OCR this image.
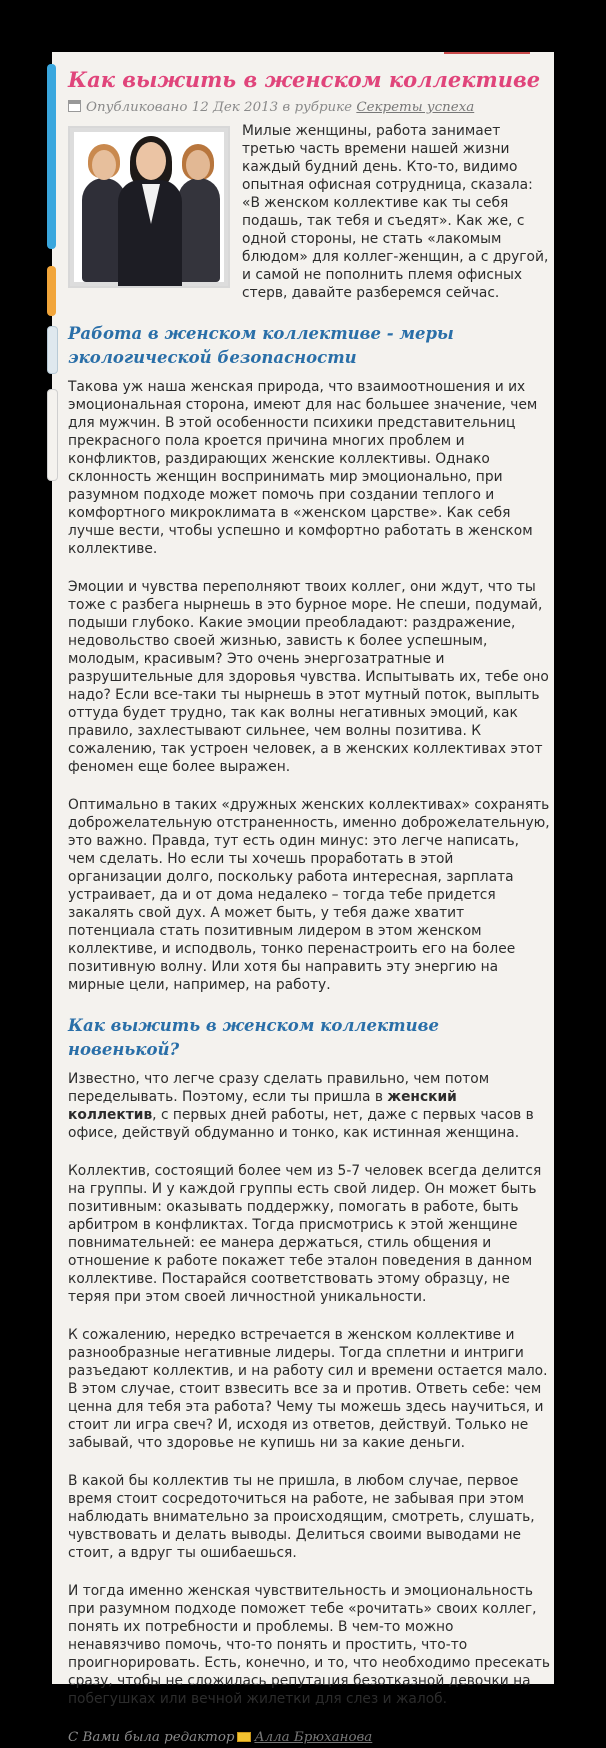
Как выжить в женском коллективе
Опубликовано 12 Дек 2013 в рубрике Секреты успеха

Милые женщины, работа занимает третью часть времени нашей жизни каждый будний день. Кто-то, видимо опытная офисная сотрудница, сказала: «В женском коллективе как ты себя подашь, так тебя и съедят». Как же, с одной стороны, не стать «лакомым блюдом» для коллег-женщин, а с другой, и самой не пополнить племя офисных стерв, давайте разберемся сейчас.

Работа в женском коллективе - меры экологической безопасности

Такова уж наша женская природа, что взаимоотношения и их эмоциональная сторона, имеют для нас большее значение, чем для мужчин. В этой особенности психики представительниц прекрасного пола кроется причина многих проблем и конфликтов, раздирающих женские коллективы. Однако склонность женщин воспринимать мир эмоционально, при разумном подходе может помочь при создании теплого и комфортного микроклимата в «женском царстве». Как себя лучше вести, чтобы успешно и комфортно работать в женском коллективе.

Эмоции и чувства переполняют твоих коллег, они ждут, что ты тоже с разбега нырнешь в это бурное море. Не спеши, подумай, подыши глубоко. Какие эмоции преобладают: раздражение, недовольство своей жизнью, зависть к более успешным, молодым, красивым? Это очень энергозатратные и разрушительные для здоровья чувства. Испытывать их, тебе оно надо? Если все-таки ты нырнешь в этот мутный поток, выплыть оттуда будет трудно, так как волны негативных эмоций, как правило, захлестывают сильнее, чем волны позитива. К сожалению, так устроен человек, а в женских коллективах этот феномен еще более выражен.

Оптимально в таких «дружных женских коллективах» сохранять доброжелательную отстраненность, именно доброжелательную, это важно. Правда, тут есть один минус: это легче написать, чем сделать. Но если ты хочешь проработать в этой организации долго, поскольку работа интересная, зарплата устраивает, да и от дома недалеко – тогда тебе придется закалять свой дух. А может быть, у тебя даже хватит потенциала стать позитивным лидером в этом женском коллективе, и исподволь, тонко перенастроить его на более позитивную волну. Или хотя бы направить эту энергию на мирные цели, например, на работу.

Как выжить в женском коллективе новенькой?

Известно, что легче сразу сделать правильно, чем потом переделывать. Поэтому, если ты пришла в женский коллектив, с первых дней работы, нет, даже с первых часов в офисе, действуй обдуманно и тонко, как истинная женщина.

Коллектив, состоящий более чем из 5-7 человек всегда делится на группы. И у каждой группы есть свой лидер. Он может быть позитивным: оказывать поддержку, помогать в работе, быть арбитром в конфликтах. Тогда присмотрись к этой женщине повнимательней: ее манера держаться, стиль общения и отношение к работе покажет тебе эталон поведения в данном коллективе. Постарайся соответствовать этому образцу, не теряя при этом своей личностной уникальности.

К сожалению, нередко встречается в женском коллективе и разнообразные негативные лидеры. Тогда сплетни и интриги разъедают коллектив, и на работу сил и времени остается мало. В этом случае, стоит взвесить все за и против. Ответь себе: чем ценна для тебя эта работа? Чему ты можешь здесь научиться, и стоит ли игра свеч? И, исходя из ответов, действуй. Только не забывай, что здоровье не купишь ни за какие деньги.

В какой бы коллектив ты не пришла, в любом случае, первое время стоит сосредоточиться на работе, не забывая при этом наблюдать внимательно за происходящим, смотреть, слушать, чувствовать и делать выводы. Делиться своими выводами не стоит, а вдруг ты ошибаешься.

И тогда именно женская чувствительность и эмоциональность при разумном подходе поможет тебе «рочитать» своих коллег, понять их потребности и проблемы. В чем-то можно ненавязчиво помочь, что-то понять и простить, что-то проигнорировать. Есть, конечно, и то, что необходимо пресекать сразу, чтобы не сложилась репутация безотказной девочки на побегушках или вечной жилетки для слез и жалоб.

С Вами была редактор Алла Брюханова
